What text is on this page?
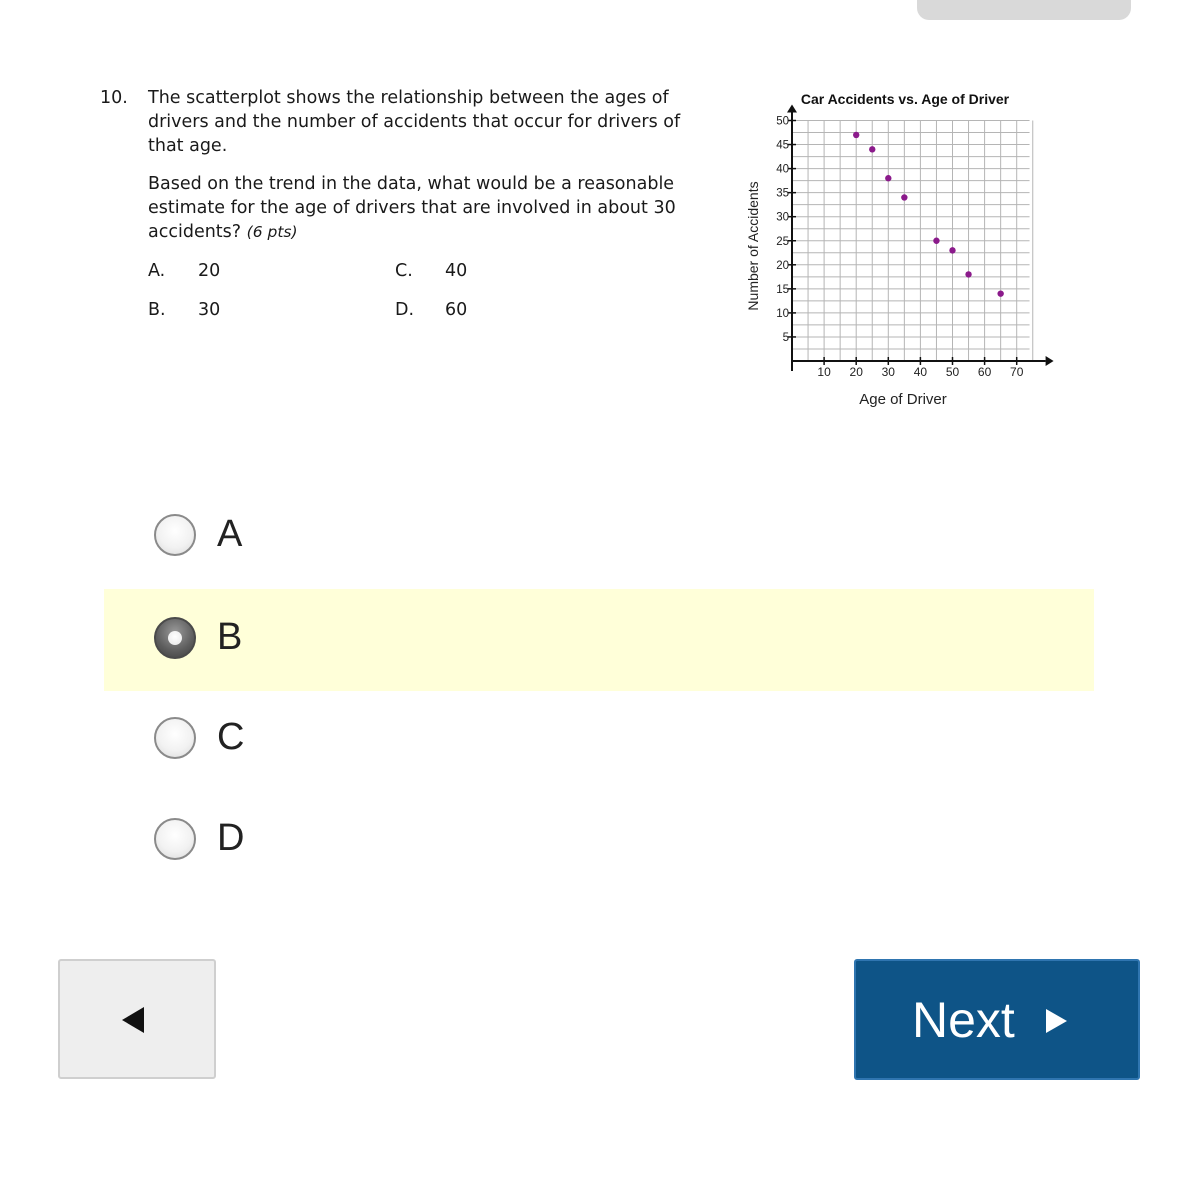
10. The scatterplot shows the relationship between the ages of drivers and the number of accidents that occur for drivers of that age.

Based on the trend in the data, what would be a reasonable estimate for the age of drivers that are involved in about 30 accidents? (6 pts)

A. 20
B. 30
C. 40
D. 60
Car Accidents vs. Age of Driver
10 20 30 40 50 60 70
5
10
15
20
25
30
35
40
45
50
Age of Driver
Number of Accidents
A
B
C
D
Next
